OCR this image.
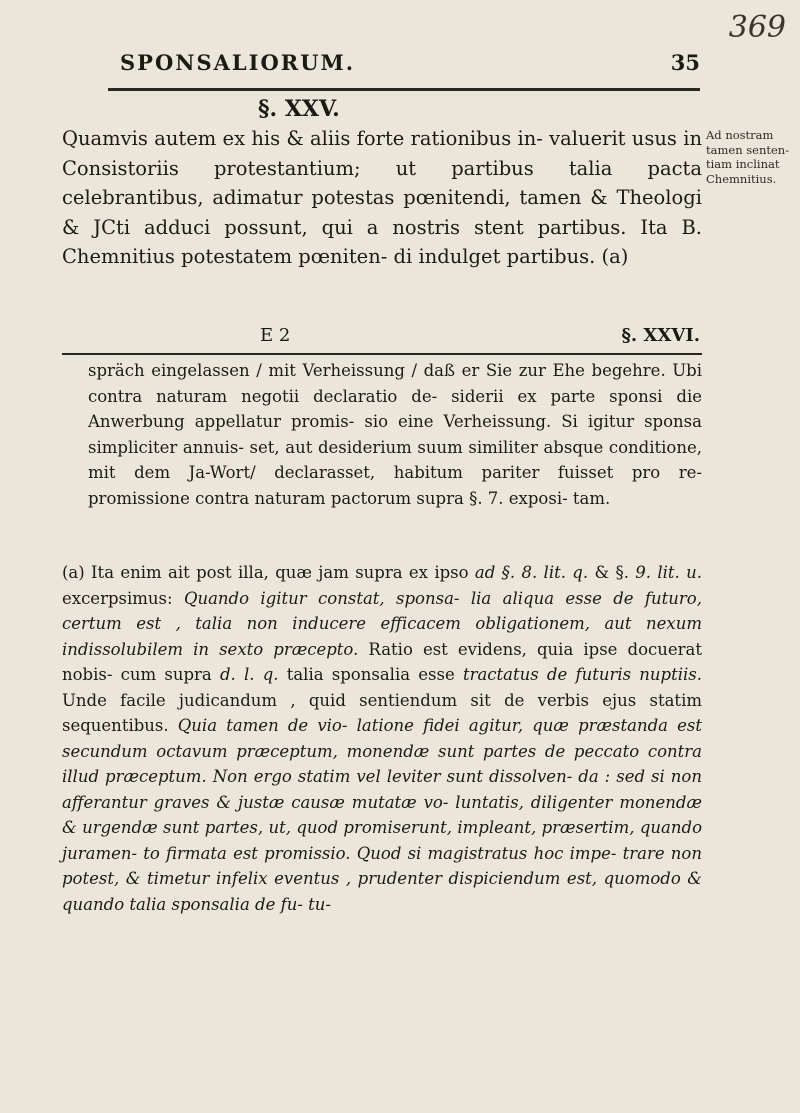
369
SPONSALIORUM.	35
§. XXV.

Quamvis autem ex his & aliis forte rationibus in- valuerit usus in Consistoriis protestantium; ut partibus talia pacta celebrantibus, adimatur potestas pœnitendi, tamen & Theologi & JCti adduci possunt, qui a nostris stent partibus. Ita B. Chemnitius potestatem pœniten- di indulget partibus. (a)

Ad nostram tamen senten- tiam inclinat Chemnitius.
E 2	§. XXVI.

spräch eingelassen / mit Verheissung / daß er Sie zur Ehe begehre. Ubi contra naturam negotii declaratio de- siderii ex parte sponsi die Anwerbung appellatur promis- sio eine Verheissung. Si igitur sponsa simpliciter annuis- set, aut desiderium suum similiter absque conditione, mit dem Ja-Wort/ declarasset, habitum pariter fuisset pro re- promissione contra naturam pactorum supra §. 7. exposi- tam.

(a) Ita enim ait post illa, quæ jam supra ex ipso ad §. 8. lit. q. & §. 9. lit. u. excerpsimus: Quando igitur constat, sponsa- lia aliqua esse de futuro, certum est , talia non inducere efficacem obligationem, aut nexum indissolubilem in sexto præcepto. Ratio est evidens, quia ipse docuerat nobis- cum supra d. l. q. talia sponsalia esse tractatus de futuris nuptiis. Unde facile judicandum , quid sentiendum sit de verbis ejus statim sequentibus. Quia tamen de vio- latione fidei agitur, quæ præstanda est secundum octavum præceptum, monendæ sunt partes de peccato contra illud præceptum. Non ergo statim vel leviter sunt dissolven- da : sed si non afferantur graves & justæ causæ mutatæ vo- luntatis, diligenter monendæ & urgendæ sunt partes, ut, quod promiserunt, impleant, præsertim, quando juramen- to firmata est promissio. Quod si magistratus hoc impe- trare non potest, & timetur infelix eventus , prudenter dispiciendum est, quomodo & quando talia sponsalia de fu- tu-
